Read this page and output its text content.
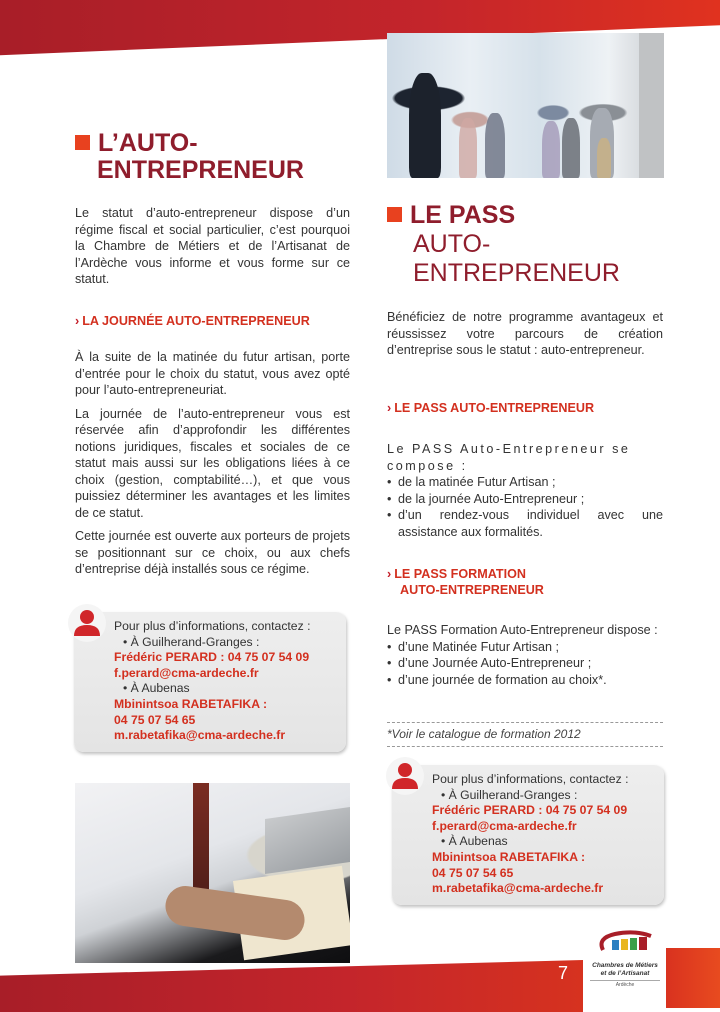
L’AUTO-
ENTREPRENEUR

Le statut d’auto-entrepreneur dispose d’un régime fiscal et social particulier, c’est pourquoi la Chambre de Métiers et de l’Artisanat de l’Ardèche vous informe et vous forme sur ce statut.

› LA JOURNÉE AUTO-ENTREPRENEUR

À la suite de la matinée du futur artisan, porte d’entrée pour le choix du statut, vous avez opté pour l’auto-entrepreneuriat.

La journée de l’auto-entrepreneur vous est réservée afin d’approfondir les différentes notions juridiques, fiscales et sociales de ce statut mais aussi sur les obligations liées à ce choix (gestion, comptabilité…), et que vous puissiez déterminer les avantages et les limites de ce statut.

Cette journée est ouverte aux porteurs de projets se positionnant sur ce choix, ou aux chefs d’entreprise déjà installés sous ce régime.

Pour plus d’informations, contactez :
• À Guilherand-Granges :
Frédéric PERARD : 04 75 07 54 09
f.perard@cma-ardeche.fr
• À Aubenas
Mbinintsoa RABETAFIKA :
04 75 07 54 65
m.rabetafika@cma-ardeche.fr
LE PASS
AUTO-
ENTREPRENEUR

Bénéficiez de notre programme avantageux et réussissez votre parcours de création d’entreprise sous le statut : auto-entrepreneur.

› LE PASS AUTO-ENTREPRENEUR
Le PASS Auto-Entrepreneur se compose :
• de la matinée Futur Artisan ;
• de la journée Auto-Entrepreneur ;
• d’un rendez-vous individuel avec une assistance aux formalités.
› LE PASS FORMATION
AUTO-ENTREPRENEUR
Le PASS Formation Auto-Entrepreneur dispose :
• d’une Matinée Futur Artisan ;
• d’une Journée Auto-Entrepreneur ;
• d’une journée de formation au choix*.
*Voir le catalogue de formation 2012
Pour plus d’informations, contactez :
• À Guilherand-Granges :
Frédéric PERARD : 04 75 07 54 09
f.perard@cma-ardeche.fr
• À Aubenas
Mbinintsoa RABETAFIKA :
04 75 07 54 65
m.rabetafika@cma-ardeche.fr
7	Chambres de Métiers
et de l’Artisanat
Ardèche
